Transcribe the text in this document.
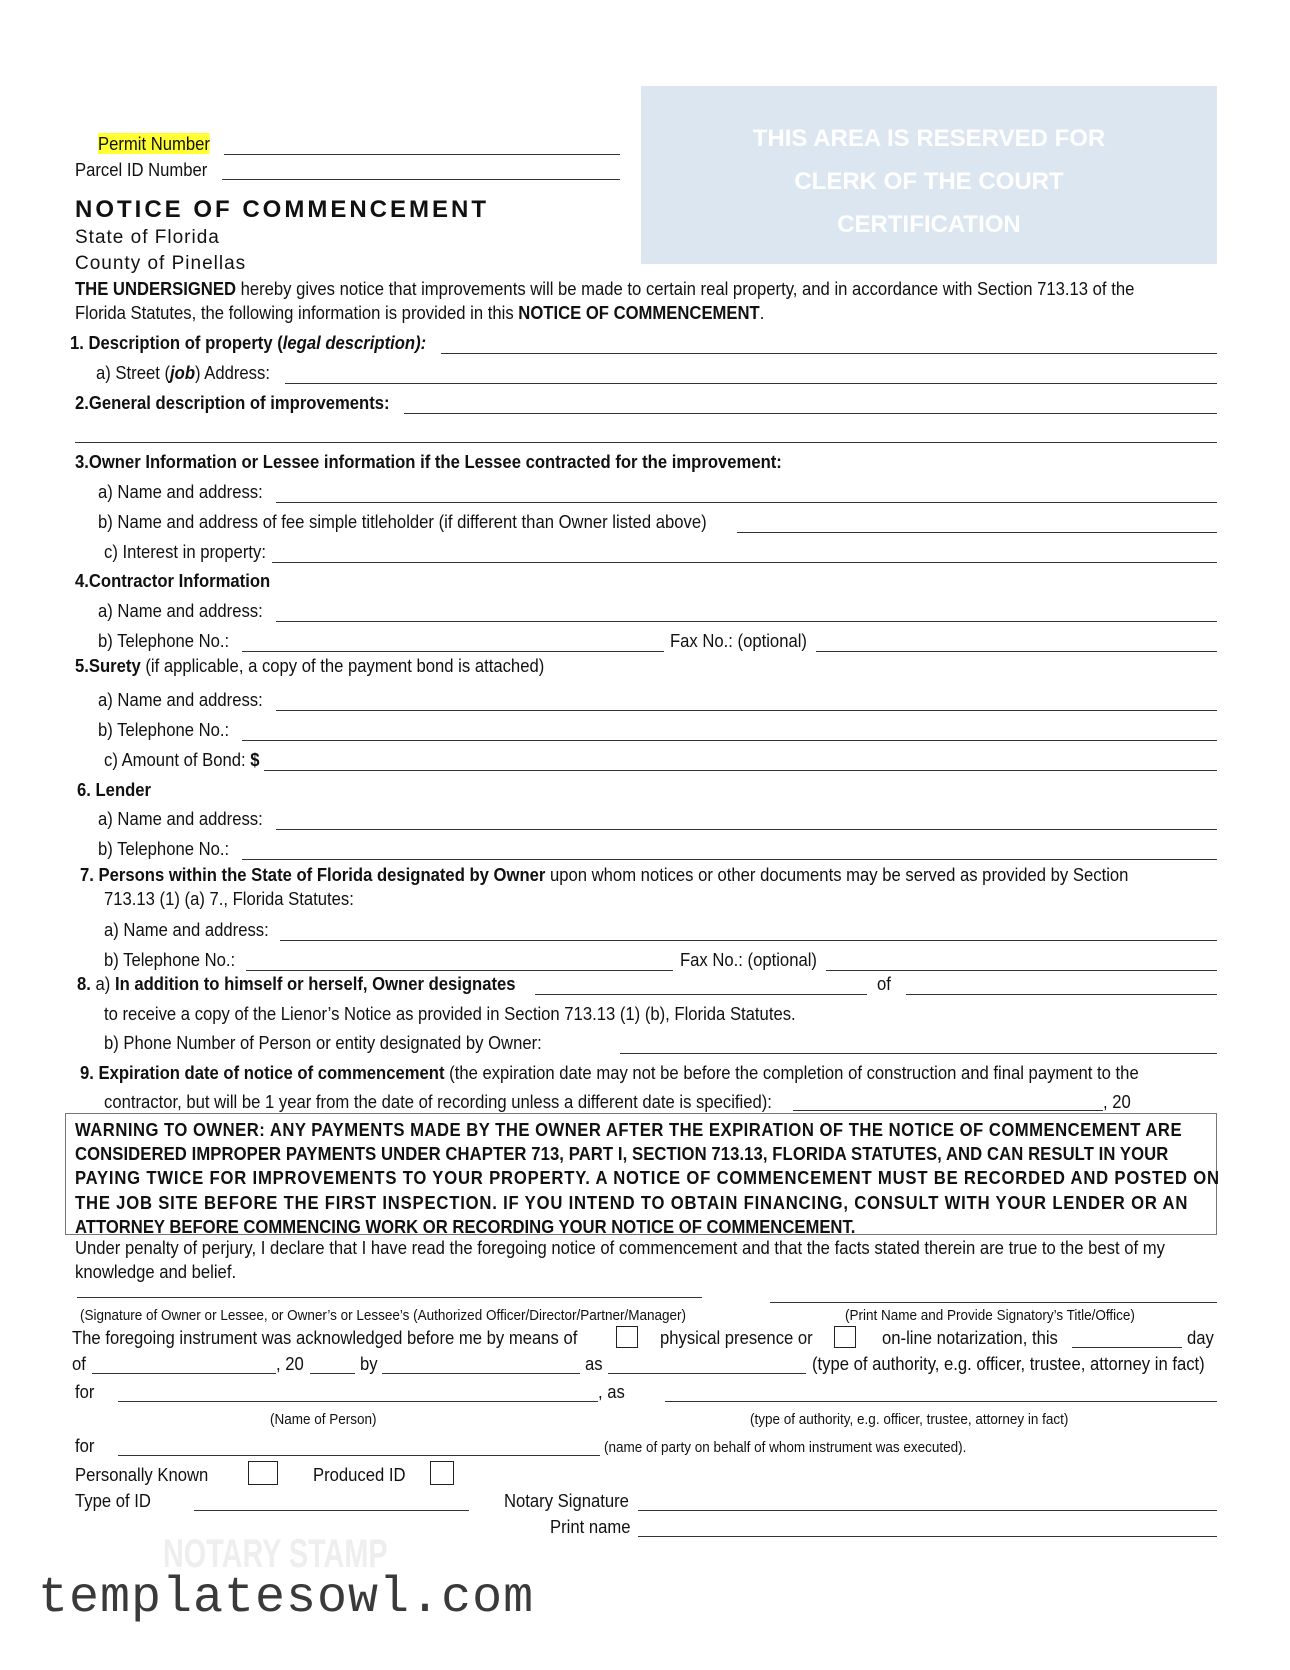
Permit Number
Parcel ID Number
THIS AREA IS RESERVED FOR
CLERK OF THE COURT
CERTIFICATION
NOTICE OF COMMENCEMENT
State of Florida
County of Pinellas
THE UNDERSIGNED hereby gives notice that improvements will be made to certain real property, and in accordance with Section 713.13 of the
Florida Statutes, the following information is provided in this NOTICE OF COMMENCEMENT.
1. Description of property (legal description):
a) Street (job) Address:
2.General description of improvements:
3.Owner Information or Lessee information if the Lessee contracted for the improvement:
a) Name and address:
b) Name and address of fee simple titleholder (if different than Owner listed above)
c) Interest in property:
4.Contractor Information
a) Name and address:
b) Telephone No.:	Fax No.: (optional)
5.Surety (if applicable, a copy of the payment bond is attached)
a) Name and address:
b) Telephone No.:
c) Amount of Bond: $
6. Lender
a) Name and address:
b) Telephone No.:
7. Persons within the State of Florida designated by Owner upon whom notices or other documents may be served as provided by Section
713.13 (1) (a) 7., Florida Statutes:
a) Name and address:
b) Telephone No.:	Fax No.: (optional)
8. a) In addition to himself or herself, Owner designates	of
to receive a copy of the Lienor’s Notice as provided in Section 713.13 (1) (b), Florida Statutes.
b) Phone Number of Person or entity designated by Owner:
9. Expiration date of notice of commencement (the expiration date may not be before the completion of construction and final payment to the
contractor, but will be 1 year from the date of recording unless a different date is specified):	, 20
WARNING TO OWNER: ANY PAYMENTS MADE BY THE OWNER AFTER THE EXPIRATION OF THE NOTICE OF COMMENCEMENT ARE
CONSIDERED IMPROPER PAYMENTS UNDER CHAPTER 713, PART I, SECTION 713.13, FLORIDA STATUTES, AND CAN RESULT IN YOUR
PAYING TWICE FOR IMPROVEMENTS TO YOUR PROPERTY. A NOTICE OF COMMENCEMENT MUST BE RECORDED AND POSTED ON
THE JOB SITE BEFORE THE FIRST INSPECTION. IF YOU INTEND TO OBTAIN FINANCING, CONSULT WITH YOUR LENDER OR AN
ATTORNEY BEFORE COMMENCING WORK OR RECORDING YOUR NOTICE OF COMMENCEMENT.
Under penalty of perjury, I declare that I have read the foregoing notice of commencement and that the facts stated therein are true to the best of my
knowledge and belief.
(Signature of Owner or Lessee, or Owner’s or Lessee’s (Authorized Officer/Director/Partner/Manager)	(Print Name and Provide Signatory’s Title/Office)
The foregoing instrument was acknowledged before me by means of	physical presence or	on-line notarization, this	day
of	, 20	by	as	(type of authority, e.g. officer, trustee, attorney in fact)
for	, as
(Name of Person)	(type of authority, e.g. officer, trustee, attorney in fact)
for	(name of party on behalf of whom instrument was executed).
Personally Known	Produced ID
Type of ID	Notary Signature
Print name
NOTARY STAMP
templatesowl.com
